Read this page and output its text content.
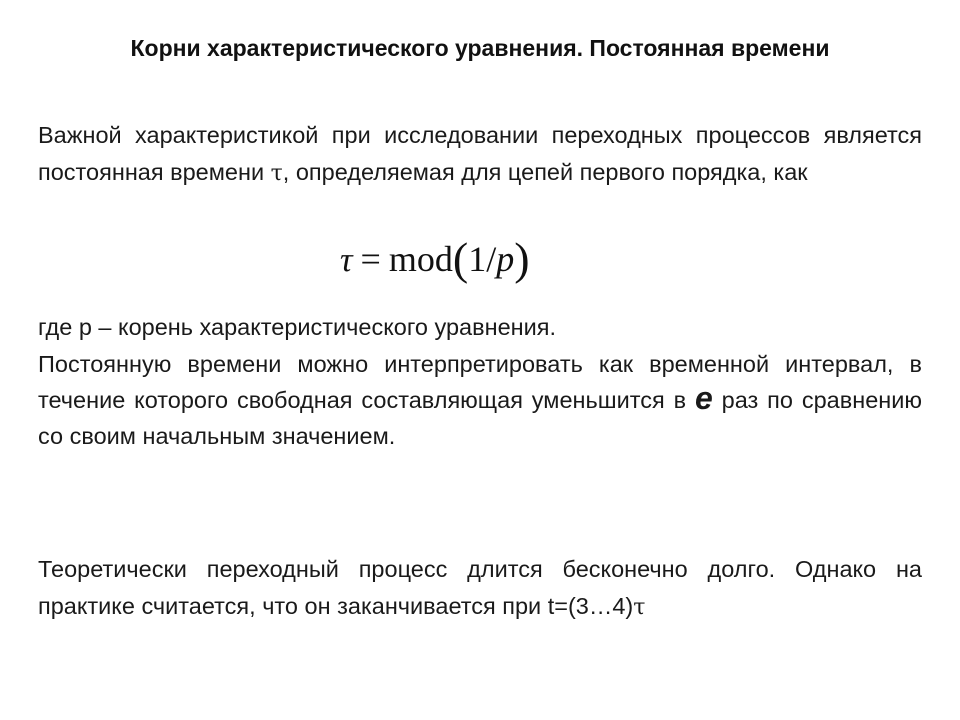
Корни характеристического уравнения. Постоянная времени

Важной характеристикой при исследовании переходных процессов является постоянная времени τ, определяемая для цепей первого порядка, как

τ = mod(1/p)

где p – корень характеристического уравнения.

Постоянную времени можно интерпретировать как временной интервал, в течение которого свободная составляющая уменьшится в e раз по сравнению со своим начальным значением.

Теоретически переходный процесс длится бесконечно долго. Однако на практике считается, что он заканчивается при t=(3…4)τ
